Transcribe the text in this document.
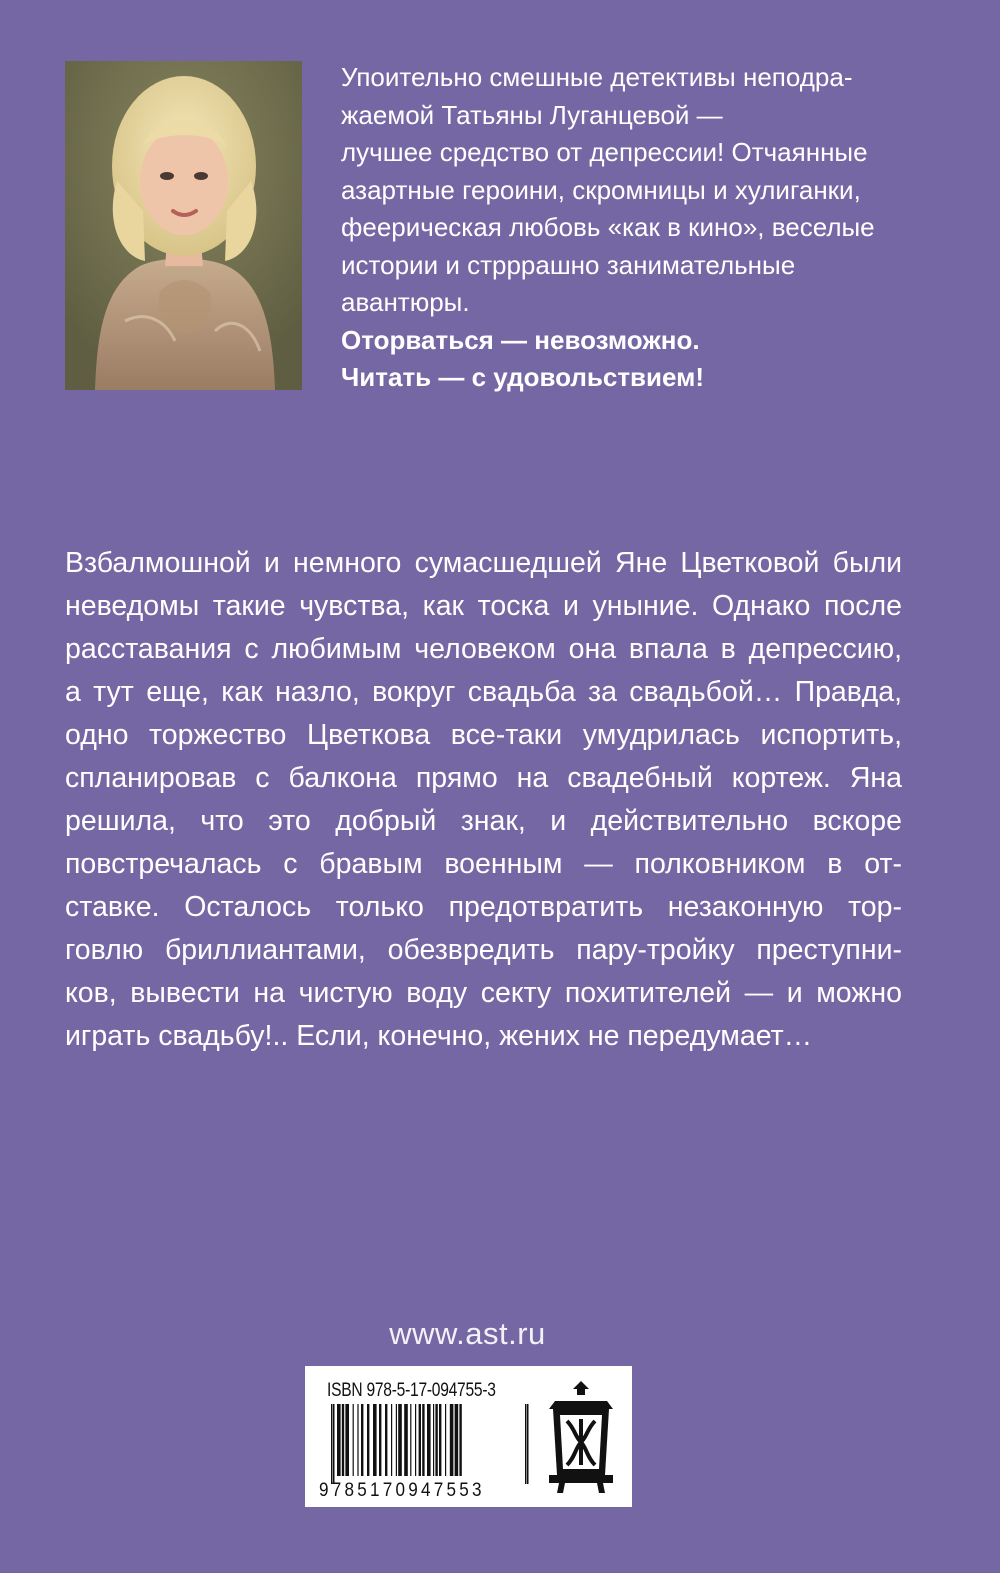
Упоительно смешные детективы неподра-
жаемой Татьяны Луганцевой —
лучшее средство от депрессии! Отчаянные
азартные героини, скромницы и хулиганки,
феерическая любовь «как в кино», веселые
истории и стрррашно занимательные
авантюры.
Оторваться — невозможно.
Читать — с удовольствием!
Взбалмошной и немного сумасшедшей Яне Цветковой были
неведомы такие чувства, как тоска и уныние. Однако после
расставания с любимым человеком она впала в депрессию,
а тут еще, как назло, вокруг свадьба за свадьбой… Правда,
одно торжество Цветкова все-таки умудрилась испортить,
спланировав с балкона прямо на свадебный кортеж. Яна
решила, что это добрый знак, и действительно вскоре
повстречалась с бравым военным — полковником в от-
ставке. Осталось только предотвратить незаконную тор-
говлю бриллиантами, обезвредить пару-тройку преступни-
ков, вывести на чистую воду секту похитителей — и можно
играть свадьбу!.. Если, конечно, жених не передумает…
www.ast.ru
ISBN 978-5-17-094755-3
9785170947553
